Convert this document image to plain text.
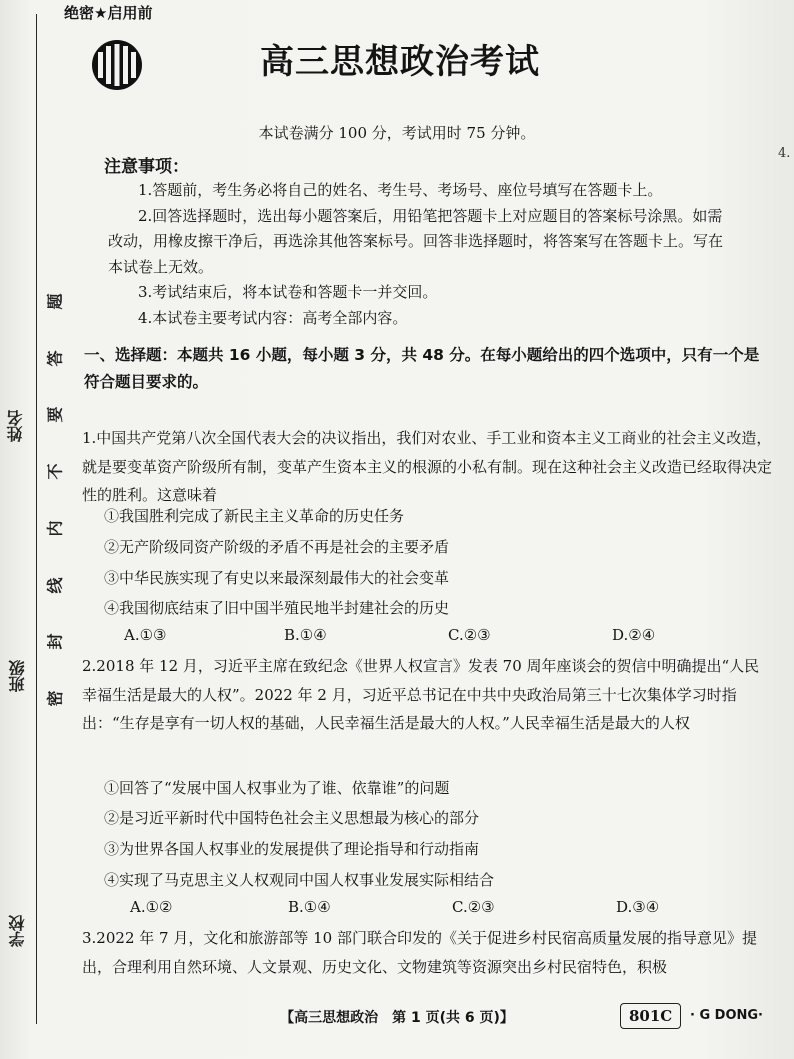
姓名
班级
学校
题
答
要
不
内
线
封
密
绝密★启用前
高三思想政治考试
本试卷满分 100 分，考试用时 75 分钟。
注意事项：
1.答题前，考生务必将自己的姓名、考生号、考场号、座位号填写在答题卡上。
2.回答选择题时，选出每小题答案后，用铅笔把答题卡上对应题目的答案标号涂黑。如需改动，用橡皮擦干净后，再选涂其他答案标号。回答非选择题时，将答案写在答题卡上。写在本试卷上无效。
3.考试结束后，将本试卷和答题卡一并交回。
4.本试卷主要考试内容：高考全部内容。
一、选择题：本题共 16 小题，每小题 3 分，共 48 分。在每小题给出的四个选项中，只有一个是符合题目要求的。
1.中国共产党第八次全国代表大会的决议指出，我们对农业、手工业和资本主义工商业的社会主义改造，就是要变革资产阶级所有制，变革产生资本主义的根源的小私有制。现在这种社会主义改造已经取得决定性的胜利。这意味着
①我国胜利完成了新民主主义革命的历史任务
②无产阶级同资产阶级的矛盾不再是社会的主要矛盾
③中华民族实现了有史以来最深刻最伟大的社会变革
④我国彻底结束了旧中国半殖民地半封建社会的历史
A.①③	B.①④	C.②③	D.②④
2.2018 年 12 月，习近平主席在致纪念《世界人权宣言》发表 70 周年座谈会的贺信中明确提出“人民幸福生活是最大的人权”。2022 年 2 月，习近平总书记在中共中央政治局第三十七次集体学习时指出：“生存是享有一切人权的基础，人民幸福生活是最大的人权。”人民幸福生活是最大的人权
①回答了“发展中国人权事业为了谁、依靠谁”的问题
②是习近平新时代中国特色社会主义思想最为核心的部分
③为世界各国人权事业的发展提供了理论指导和行动指南
④实现了马克思主义人权观同中国人权事业发展实际相结合
A.①②	B.①④	C.②③	D.③④
3.2022 年 7 月，文化和旅游部等 10 部门联合印发的《关于促进乡村民宿高质量发展的指导意见》提出，合理利用自然环境、人文景观、历史文化、文物建筑等资源突出乡村民宿特色，积极
【高三思想政治　第 1 页(共 6 页)】	801C	· G DONG·
4.
